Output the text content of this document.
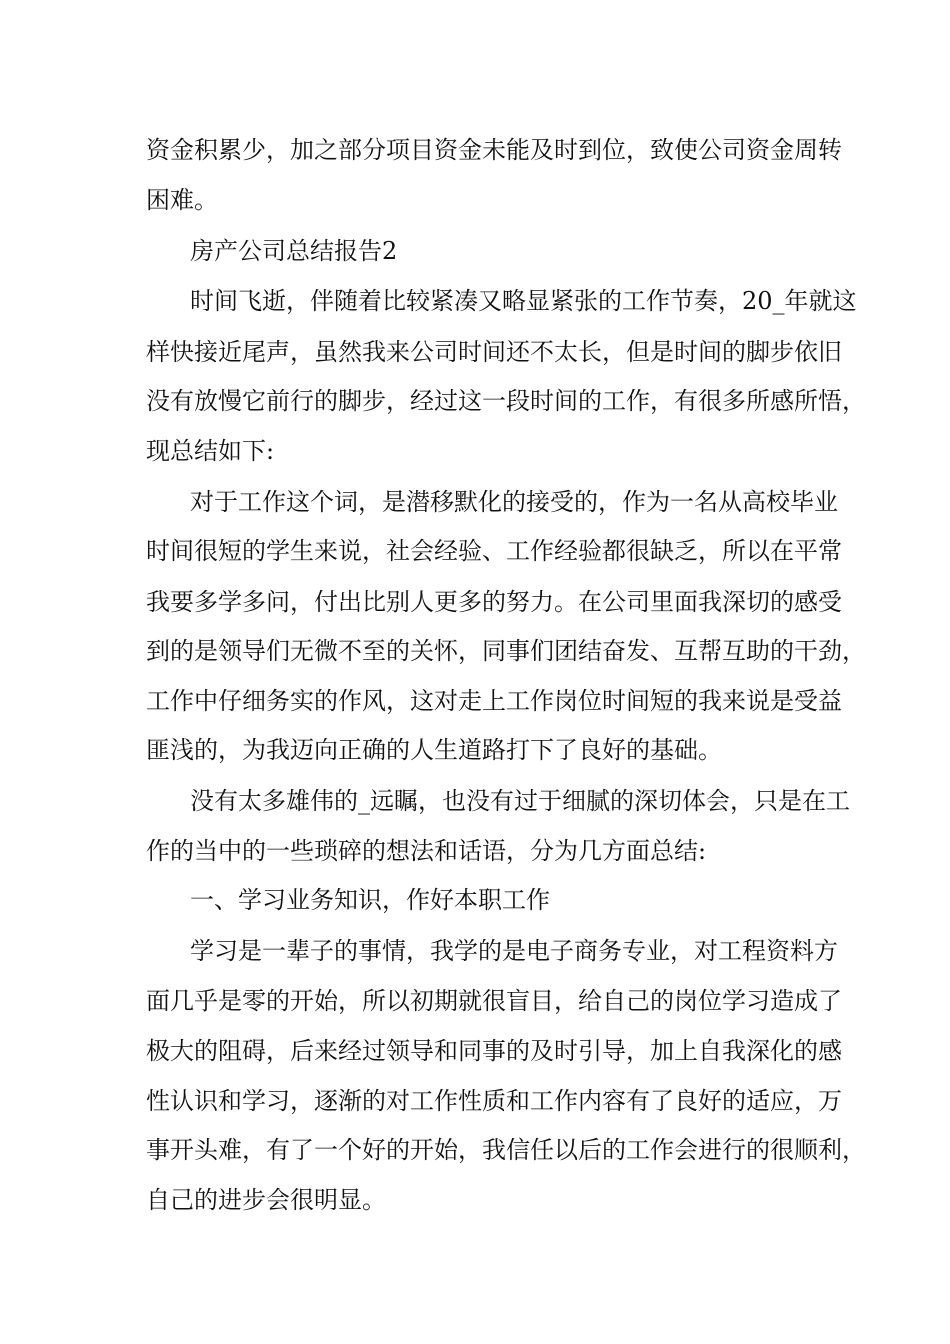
资金积累少，加之部分项目资金未能及时到位，致使公司资金周转
困难。
房产公司总结报告2
时间飞逝，伴随着比较紧凑又略显紧张的工作节奏，20_年就这
样快接近尾声，虽然我来公司时间还不太长，但是时间的脚步依旧
没有放慢它前行的脚步，经过这一段时间的工作，有很多所感所悟，
现总结如下:
对于工作这个词，是潜移默化的接受的，作为一名从高校毕业
时间很短的学生来说，社会经验、工作经验都很缺乏，所以在平常
我要多学多问，付出比别人更多的努力。在公司里面我深切的感受
到的是领导们无微不至的关怀，同事们团结奋发、互帮互助的干劲，
工作中仔细务实的作风，这对走上工作岗位时间短的我来说是受益
匪浅的，为我迈向正确的人生道路打下了良好的基础。
没有太多雄伟的_远瞩，也没有过于细腻的深切体会，只是在工
作的当中的一些琐碎的想法和话语，分为几方面总结:
一、学习业务知识，作好本职工作
学习是一辈子的事情，我学的是电子商务专业，对工程资料方
面几乎是零的开始，所以初期就很盲目，给自己的岗位学习造成了
极大的阻碍，后来经过领导和同事的及时引导，加上自我深化的感
性认识和学习，逐渐的对工作性质和工作内容有了良好的适应，万
事开头难，有了一个好的开始，我信任以后的工作会进行的很顺利，
自己的进步会很明显。
